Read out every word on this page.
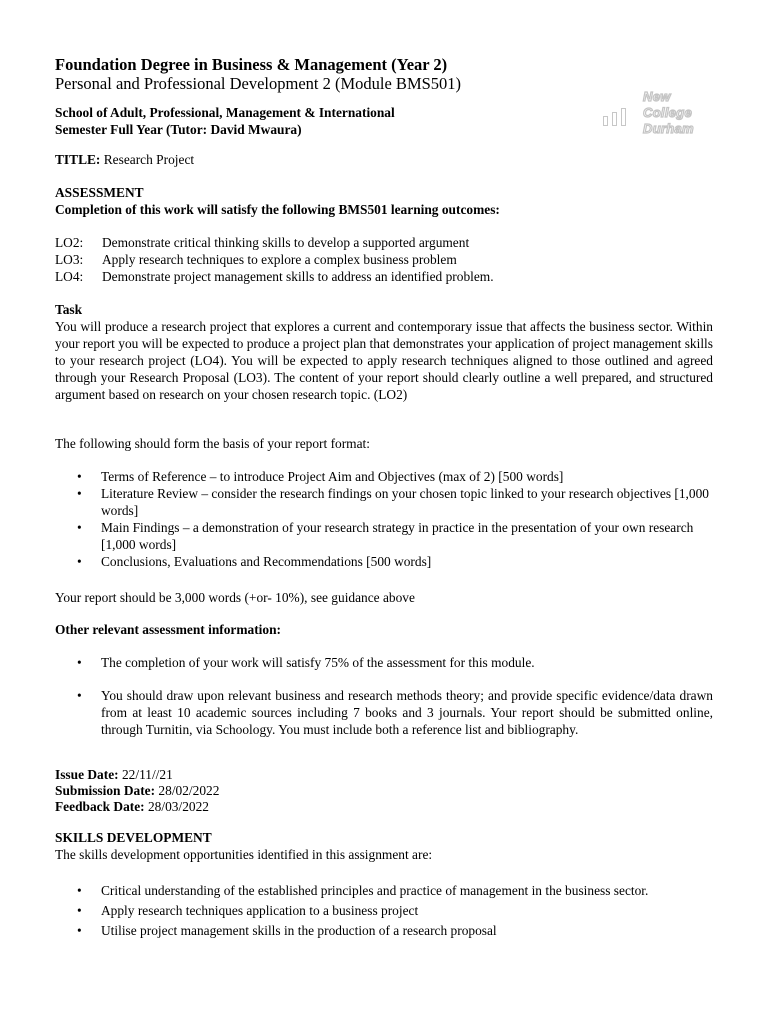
Foundation Degree in Business & Management (Year 2)
Personal and Professional Development 2 (Module BMS501)
School of Adult, Professional, Management & International
Semester Full Year (Tutor: David Mwaura)
New
College
Durham
TITLE: Research Project
ASSESSMENT
Completion of this work will satisfy the following BMS501 learning outcomes:
LO2:	Demonstrate critical thinking skills to develop a supported argument
LO3:	Apply research techniques to explore a complex business problem
LO4:	Demonstrate project management skills to address an identified problem.
Task
You will produce a research project that explores a current and contemporary issue that affects the business sector. Within your report you will be expected to produce a project plan that demonstrates your application of project management skills to your research project (LO4). You will be expected to apply research techniques aligned to those outlined and agreed through your Research Proposal (LO3). The content of your report should clearly outline a well prepared, and structured argument based on research on your chosen research topic. (LO2)
The following should form the basis of your report format:
• Terms of Reference – to introduce Project Aim and Objectives (max of 2) [500 words]
• Literature Review – consider the research findings on your chosen topic linked to your research objectives [1,000 words]
• Main Findings – a demonstration of your research strategy in practice in the presentation of your own research [1,000 words]
• Conclusions, Evaluations and Recommendations [500 words]
Your report should be 3,000 words (+or- 10%), see guidance above
Other relevant assessment information:
• The completion of your work will satisfy 75% of the assessment for this module.
• You should draw upon relevant business and research methods theory; and provide specific evidence/data drawn from at least 10 academic sources including 7 books and 3 journals. Your report should be submitted online, through Turnitin, via Schoology. You must include both a reference list and bibliography.
Issue Date: 22/11//21
Submission Date: 28/02/2022
Feedback Date: 28/03/2022
SKILLS DEVELOPMENT
The skills development opportunities identified in this assignment are:
• Critical understanding of the established principles and practice of management in the business sector.
• Apply research techniques application to a business project
• Utilise project management skills in the production of a research proposal
